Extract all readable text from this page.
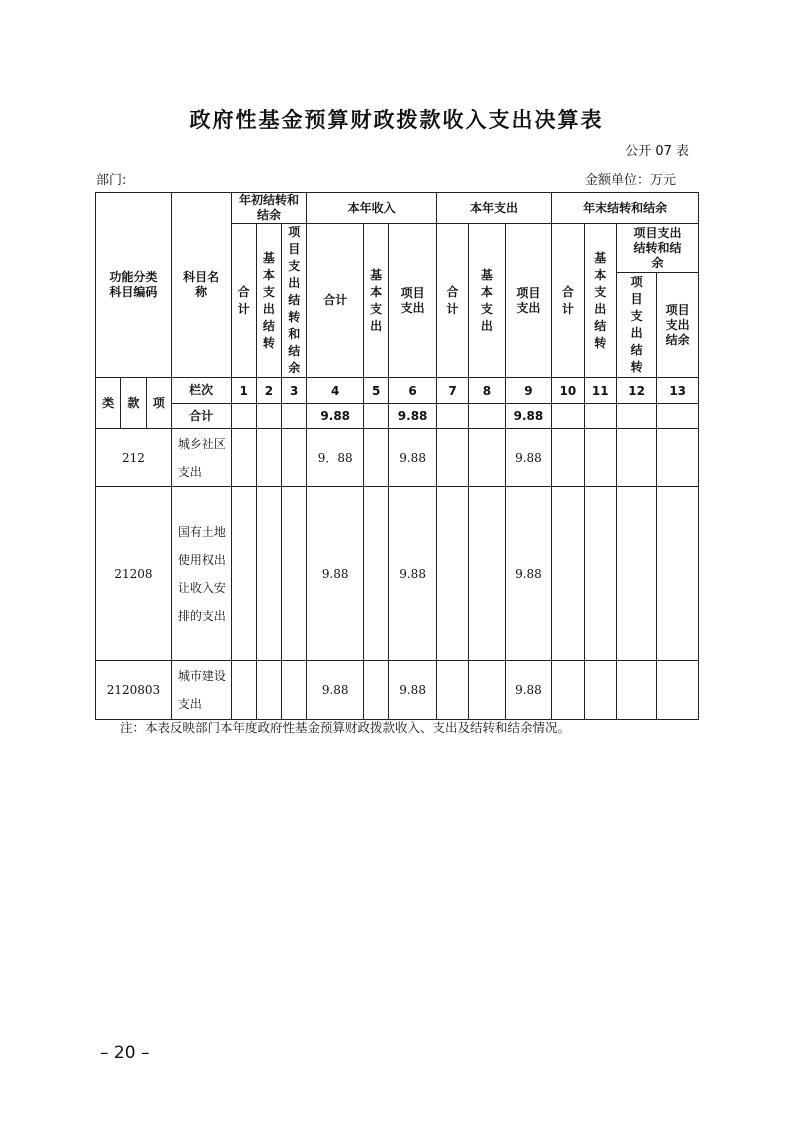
政府性基金预算财政拨款收入支出决算表
公开 07 表
部门:	金额单位：万元
功能分类科目编码			科目名称	年初结转和结余			本年收入			本年支出			年末结转和结余			
				合计	基本支出结转	项目支出结转和结余	合计	基本支出	项目支出	合计	基本支出	项目支出	合计	基本支出结转	项目支出结转和结余	
															项目支出结转	项目支出结余

类	款	项	栏次	1	2	3	4	5	6	7	8	9	10	11	12	13
			合计				9.88		9.88			9.88				
212			城乡社区支出				9．88		9.88			9.88				
21208			国有土地使用权出让收入安排的支出				9.88		9.88			9.88				
2120803			城市建设支出				9.88		9.88			9.88				
注：本表反映部门本年度政府性基金预算财政拨款收入、支出及结转和结余情况。
– 20 –
